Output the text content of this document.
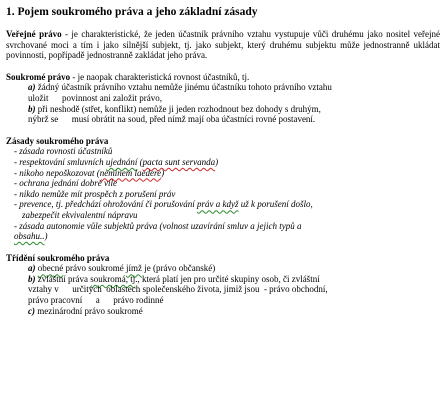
1. Pojem soukromého práva a jeho základní zásady

Veřejné právo - je charakteristické, že jeden účastník právního vztahu vystupuje vůči druhému jako nositel veřejné svrchované moci a tím i jako silnější subjekt, tj. jako subjekt, který druhému subjektu může jednostranně ukládat povinnosti, popřípadě jednostranně zakládat jeho práva.

Soukromé právo - je naopak charakteristická rovnost účastníků, tj.

a) žádný účastník právního vztahu nemůže jinému účastníku tohoto právního vztahu
uložit      povinnost ani založit právo,
b) při neshodě (střet, konflikt) nemůže ji jeden rozhodnout bez dohody s druhým,
nýbrž se      musí obrátit na soud, před nímž mají oba účastníci rovné postavení.
Zásady soukromého práva
- zásada rovnosti účastníků
- respektování smluvních ujednání (pacta sunt servanda)
- nikoho nepoškozovat (neminem laedere)
- ochrana jednání dobré víle
- nikdo nemůže mít prospěch z porušení práv
- prevence, tj. předchází ohrožování či porušování práv a když už k porušení došlo,
zabezpečit ekvivalentní nápravu
- zásada autonomie vůle subjektů práva (volnost uzavírání smluv a jejich typů a
obsahu..)
Třídění soukromého práva
a) obecné právo soukromé jímž je (právo občanské)
b) zvláštní práva soukromá, tj., která platí jen pro určité skupiny osob, či zvláštní
vztahy v      určitých  oblastech společenského života, jimiž jsou  - právo obchodní,
právo pracovní      a      právo rodinné
c) mezinárodní právo soukromé
